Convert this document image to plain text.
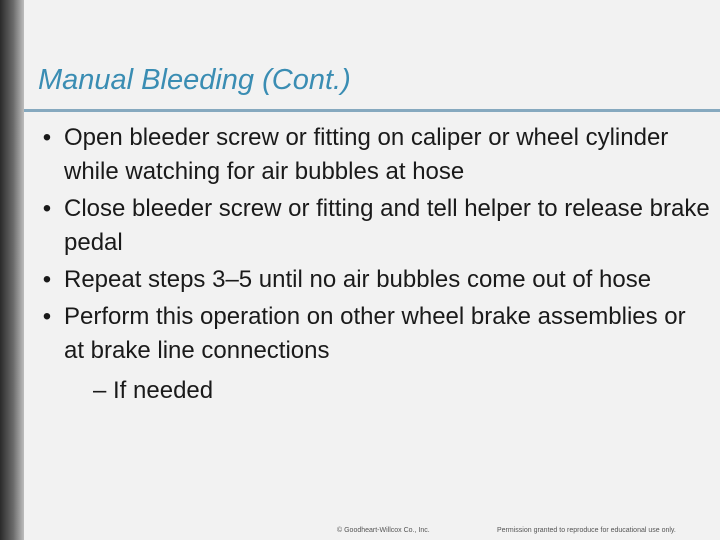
Manual Bleeding (Cont.)
• Open bleeder screw or fitting on caliper or wheel cylinder while watching for air bubbles at hose
• Close bleeder screw or fitting and tell helper to release brake pedal
• Repeat steps 3–5 until no air bubbles come out of hose
• Perform this operation on other wheel brake assemblies or at brake line connections
– If needed
© Goodheart-Willcox Co., Inc.	Permission granted to reproduce for educational use only.
